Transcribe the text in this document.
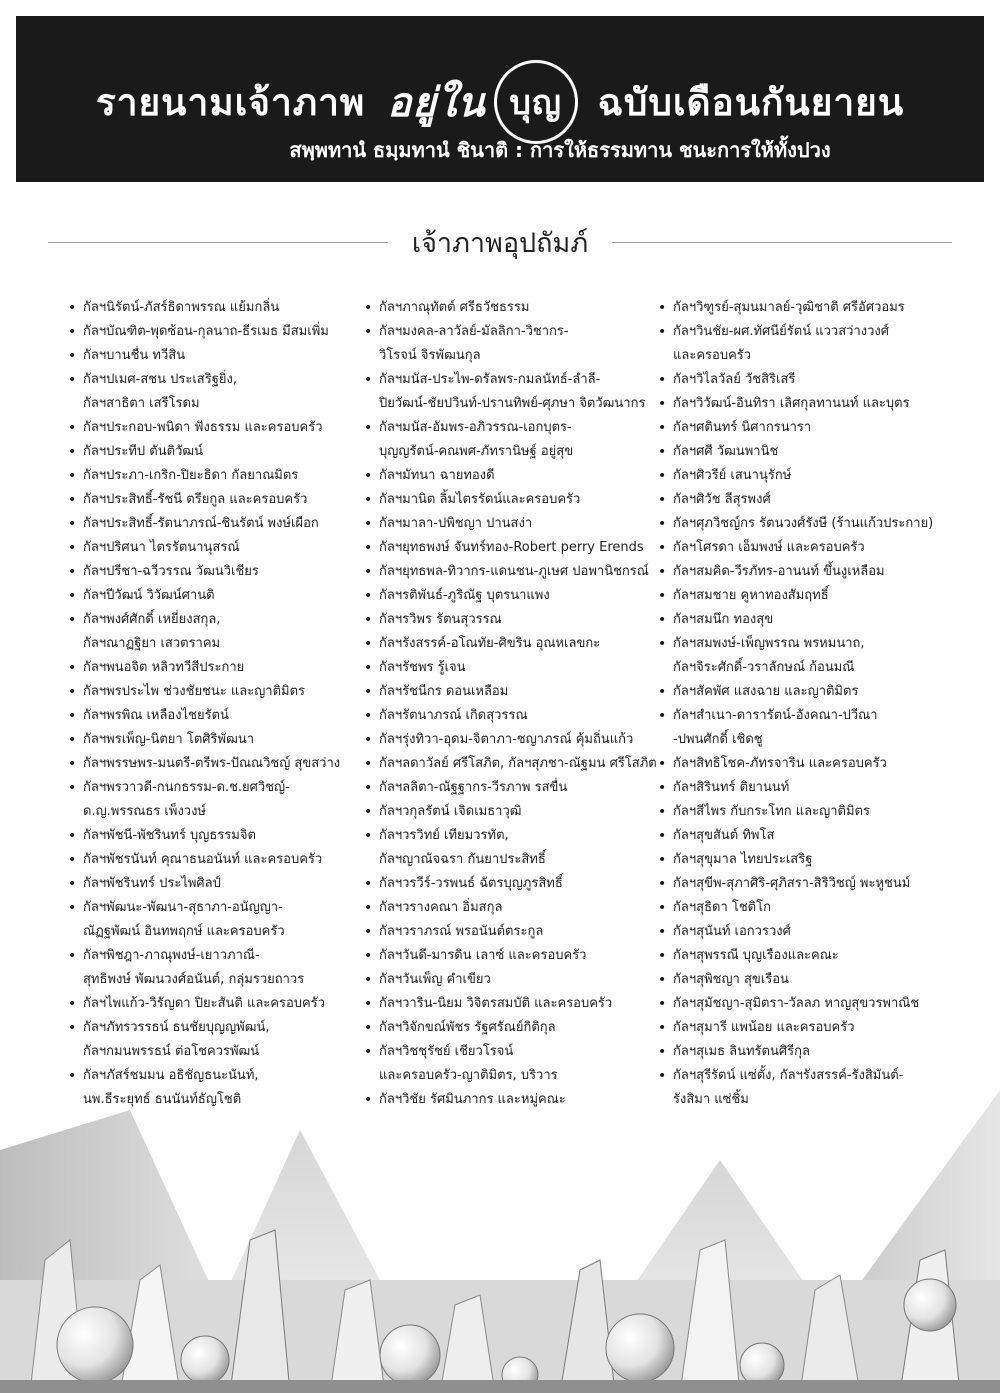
รายนามเจ้าภาพ อยู่ใน บุญ ฉบับเดือนกันยายน
สพฺพทานํ ธมฺมทานํ ชินาติ : การให้ธรรมทาน ชนะการให้ทั้งปวง
เจ้าภาพอุปถัมภ์
• กัลฯนิรัตน์-ภัสร์ธิดาพรรณ แย้มกลิ่น
• กัลฯบัณฑิต-พุดซ้อน-กุลนาถ-ธีรเมธ มีสมเพิ่ม
• กัลฯบานชื่น ทวีสิน
• กัลฯปเมศ-สชน ประเสริฐยิ่ง,
กัลฯสาธิตา เสรีโรดม
• กัลฯประกอบ-พนิดา ฟังธรรม และครอบครัว
• กัลฯประทีป ตันติวัฒน์
• กัลฯประภา-เกริก-ปิยะธิดา กัลยาณมิตร
• กัลฯประสิทธิ์-รัชนี ตรียกูล และครอบครัว
• กัลฯประสิทธิ์-รัตนาภรณ์-ชินรัตน์ พงษ์เผือก
• กัลฯปริศนา ไตรรัตนานุสรณ์
• กัลฯปรีชา-ฉวีวรรณ วัฒนวิเชียร
• กัลฯปีวัฒน์ วิวัฒน์ศานติ
• กัลฯพงศ์ศักดิ์ เหยี่ยงสกุล,
กัลฯณาฏฐิยา เสวตราคม
• กัลฯพนอจิต หลิวทวีสีประกาย
• กัลฯพรประไพ ช่วงชัยชนะ และญาติมิตร
• กัลฯพรพิณ เหลืองไชยรัตน์
• กัลฯพรเพ็ญ-นิตยา โตศิริพัฒนา
• กัลฯพรรษพร-มนตรี-ตรีพร-ปัณณวิชญ์ สุขสว่าง
• กัลฯพรวาวดี-กนกธรรม-ด.ช.ยศวิชญ์-
ด.ญ.พรรณธร เพ็งวงษ์
• กัลฯพัชนี-พัชรินทร์ บุญธรรมจิต
• กัลฯพัชรนันท์ คุณาธนอนันท์ และครอบครัว
• กัลฯพัชรินทร์ ประไพศิลป์
• กัลฯพัฒนะ-พัฒนา-สุธาภา-อนัญญา-
ณัฏฐพัฒน์ อินทพฤกษ์ และครอบครัว
• กัลฯพิชฎา-ภาณุพงษ์-เยาวภาณี-
สุทธิพงษ์ พัฒนวงศ์อนันต์, กลุ่มรวยถาวร
• กัลฯไพแก้ว-วิรัญดา ปิยะสันติ และครอบครัว
• กัลฯภัทรวรรธน์ ธนชัยบุญญพัฒน์,
กัลฯกมนพรรธน์ ต่อโชควรพัฒน์
• กัลฯภัสร์ชมมน อธิชัญธนะนันท์,
นพ.ธีระยุทธ์ ธนนันท์ธัญโชติ
• กัลฯภาณุทัตต์ ศรีธวัชธรรม
• กัลฯมงคล-ลาวัลย์-มัลลิกา-วิชากร-
วิโรจน์ จิรพัฒนกุล
• กัลฯมนัส-ประไพ-ดรัลพร-กมลนัทธ์-ลำลี-
ปิยวัฒน์-ชัยปวินท์-ปรานทิพย์-ศุภษา จิตวัฒนากร
• กัลฯมนัส-อัมพร-อภิวรรณ-เอกบุตร-
บุญญรัตน์-คณพศ-ภัทรานิษฐ์ อยู่สุข
• กัลฯมัทนา ฉายทองดี
• กัลฯมานิต ลิ้มไตรรัตน์และครอบครัว
• กัลฯมาลา-ปพิชญา ปานสง่า
• กัลฯยุทธพงษ์ จันทร์ทอง-Robert perry Erends
• กัลฯยุทธพล-ทิวากร-แดนชน-ภูเษศ ปอพานิชกรณ์
• กัลฯรติพันธ์-ภูริณัฐ บุตรนาแพง
• กัลฯรวิพร รัตนสุวรรณ
• กัลฯรังสรรค์-อโณทัย-ศิขริน อุณหเลขกะ
• กัลฯรัชพร รู้เจน
• กัลฯรัชนีกร ดอนเหลือม
• กัลฯรัตนาภรณ์ เกิดสุวรรณ
• กัลฯรุ่งทิวา-อุดม-จิตาภา-ชญาภรณ์ คุ้มถิ่นแก้ว
• กัลฯลดาวัลย์ ศรีโสภิต, กัลฯสุภชา-ณัฐมน ศรีโสภิต
• กัลฯลลิตา-ณัฐฐากร-วีรภาพ รสขื่น
• กัลฯวกุลรัตน์ เจิดเมธาวุฒิ
• กัลฯวรวิทย์ เทียมวรทัต,
กัลฯญาณัจฉรา กันยาประสิทธิ์
• กัลฯวรวีร์-วรพนธ์ ฉัตรบุญภูรสิทธิ์
• กัลฯวรางคณา อิ่มสกุล
• กัลฯวราภรณ์ พรอนันต์ตระกูล
• กัลฯวันดี-มารดิน เลาซ์ และครอบครัว
• กัลฯวันเพ็ญ คำเขียว
• กัลฯวาริน-นิยม วิจิตรสมบัติ และครอบครัว
• กัลฯวิจักขณ์พัชร รัฐศรัณย์กิติกุล
• กัลฯวิชชุรัชย์ เชียวโรจน์
และครอบครัว-ญาติมิตร, บริวาร
• กัลฯวิชัย รัศมินภากร และหมู่คณะ
• กัลฯวิฑูรย์-สุมนมาลย์-วุฒิชาติ ศรีอัศวอมร
• กัลฯวินชัย-ผศ.ทัศนีย์รัตน์ แววสว่างวงศ์
และครอบครัว
• กัลฯวิไลวัลย์ วัชสิริเสรี
• กัลฯวิวัฒน์-อินทิรา เลิศกุลทานนท์ และบุตร
• กัลฯศตินทร์ นิศากรนารา
• กัลฯศศี วัฒนพานิช
• กัลฯศิวรีย์ เสนานุรักษ์
• กัลฯศิวัช ลีสุรพงศ์
• กัลฯศุภวิชญ์กร รัตนวงศ์รังษี (ร้านแก้วประกาย)
• กัลฯโศรดา เอ็มพงษ์ และครอบครัว
• กัลฯสมคิด-วีรภัทร-อานนท์ ขึ้นงูเหลือม
• กัลฯสมชาย คูหาทองสัมฤทธิ์
• กัลฯสมนึก ทองสุข
• กัลฯสมพงษ์-เพ็ญพรรณ พรหมนาถ,
กัลฯจิระศักดิ์-วราลักษณ์ ก้อนมณี
• กัลฯสัคพัศ แสงฉาย และญาติมิตร
• กัลฯสำเนา-ดารารัตน์-อังคณา-ปวีณา
-ปพนศักดิ์ เชิดชู
• กัลฯสิทธิโชค-ภัทรจาริน และครอบครัว
• กัลฯสิรินทร์ ติยานนท์
• กัลฯสีไพร กับกระโทก และญาติมิตร
• กัลฯสุขสันต์ ทิพโส
• กัลฯสุขุมาล ไทยประเสริฐ
• กัลฯสุขีพ-สุภาศิริ-ศุภิสรา-สิริวิชญ์ พะหูชนม์
• กัลฯสุธิดา โชติโก
• กัลฯสุนันท์ เอกวรวงศ์
• กัลฯสุพรรณี บุญเรืองและคณะ
• กัลฯสุพิชญา สุขเรือน
• กัลฯสุมัชญา-สุมิตรา-วัลลภ หาญสุขวรพาณิช
• กัลฯสุมารี แพน้อย และครอบครัว
• กัลฯสุเมธ ลินทรัตนศิรีกุล
• กัลฯสุรีรัตน์ แซ่ตั้ง, กัลฯรังสรรค์-รังสิมันต์-
รังสิมา แซ่ชิ้ม
